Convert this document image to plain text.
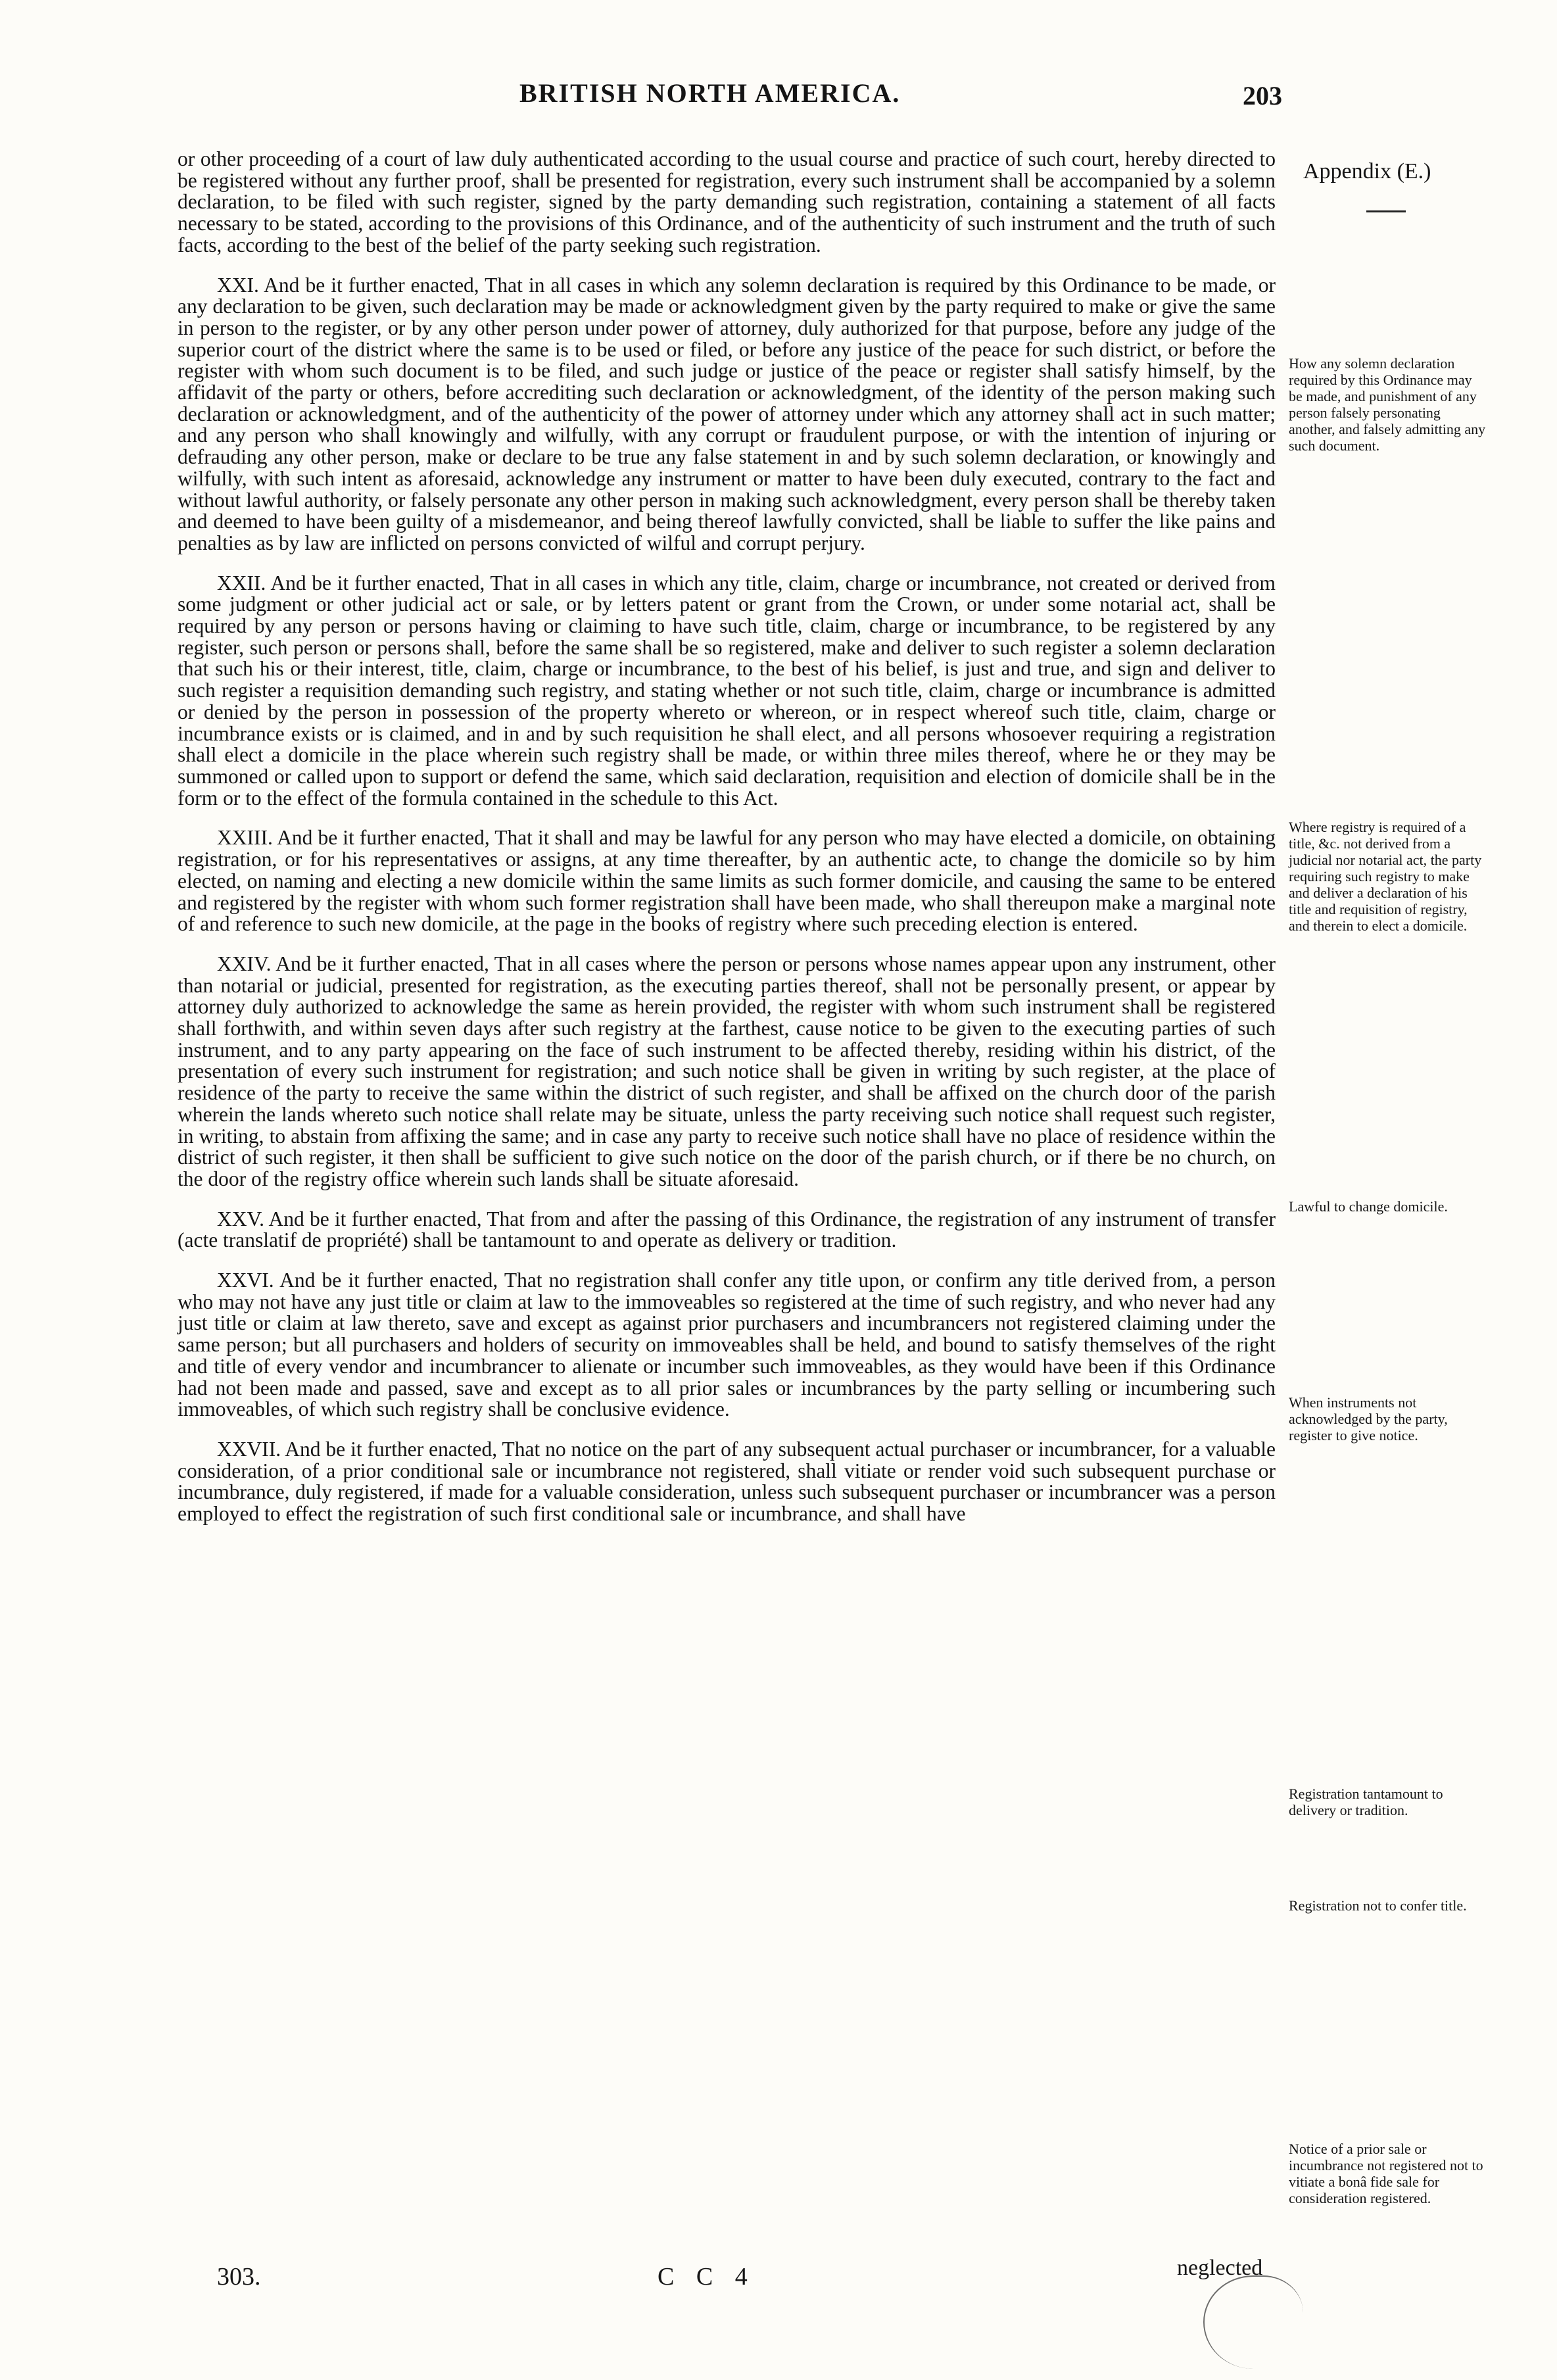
BRITISH NORTH AMERICA.	203
Appendix (E.)

or other proceeding of a court of law duly authenticated according to the usual course and practice of such court, hereby directed to be registered without any further proof, shall be presented for registration, every such instrument shall be accompanied by a solemn declaration, to be filed with such register, signed by the party demanding such registration, containing a statement of all facts necessary to be stated, according to the provisions of this Ordinance, and of the authenticity of such instrument and the truth of such facts, according to the best of the belief of the party seeking such registration.

XXI. And be it further enacted, That in all cases in which any solemn declaration is required by this Ordinance to be made, or any declaration to be given, such declaration may be made or acknowledgment given by the party required to make or give the same in person to the register, or by any other person under power of attorney, duly authorized for that purpose, before any judge of the superior court of the district where the same is to be used or filed, or before any justice of the peace for such district, or before the register with whom such document is to be filed, and such judge or justice of the peace or register shall satisfy himself, by the affidavit of the party or others, before accrediting such declaration or acknowledgment, of the identity of the person making such declaration or acknowledgment, and of the authenticity of the power of attorney under which any attorney shall act in such matter; and any person who shall knowingly and wilfully, with any corrupt or fraudulent purpose, or with the intention of injuring or defrauding any other person, make or declare to be true any false statement in and by such solemn declaration, or knowingly and wilfully, with such intent as aforesaid, acknowledge any instrument or matter to have been duly executed, contrary to the fact and without lawful authority, or falsely personate any other person in making such acknowledgment, every person shall be thereby taken and deemed to have been guilty of a misdemeanor, and being thereof lawfully convicted, shall be liable to suffer the like pains and penalties as by law are inflicted on persons convicted of wilful and corrupt perjury.

XXII. And be it further enacted, That in all cases in which any title, claim, charge or incumbrance, not created or derived from some judgment or other judicial act or sale, or by letters patent or grant from the Crown, or under some notarial act, shall be required by any person or persons having or claiming to have such title, claim, charge or incumbrance, to be registered by any register, such person or persons shall, before the same shall be so registered, make and deliver to such register a solemn declaration that such his or their interest, title, claim, charge or incumbrance, to the best of his belief, is just and true, and sign and deliver to such register a requisition demanding such registry, and stating whether or not such title, claim, charge or incumbrance is admitted or denied by the person in possession of the property whereto or whereon, or in respect whereof such title, claim, charge or incumbrance exists or is claimed, and in and by such requisition he shall elect, and all persons whosoever requiring a registration shall elect a domicile in the place wherein such registry shall be made, or within three miles thereof, where he or they may be summoned or called upon to support or defend the same, which said declaration, requisition and election of domicile shall be in the form or to the effect of the formula contained in the schedule to this Act.

XXIII. And be it further enacted, That it shall and may be lawful for any person who may have elected a domicile, on obtaining registration, or for his representatives or assigns, at any time thereafter, by an authentic acte, to change the domicile so by him elected, on naming and electing a new domicile within the same limits as such former domicile, and causing the same to be entered and registered by the register with whom such former registration shall have been made, who shall thereupon make a marginal note of and reference to such new domicile, at the page in the books of registry where such preceding election is entered.

XXIV. And be it further enacted, That in all cases where the person or persons whose names appear upon any instrument, other than notarial or judicial, presented for registration, as the executing parties thereof, shall not be personally present, or appear by attorney duly authorized to acknowledge the same as herein provided, the register with whom such instrument shall be registered shall forthwith, and within seven days after such registry at the farthest, cause notice to be given to the executing parties of such instrument, and to any party appearing on the face of such instrument to be affected thereby, residing within his district, of the presentation of every such instrument for registration; and such notice shall be given in writing by such register, at the place of residence of the party to receive the same within the district of such register, and shall be affixed on the church door of the parish wherein the lands whereto such notice shall relate may be situate, unless the party receiving such notice shall request such register, in writing, to abstain from affixing the same; and in case any party to receive such notice shall have no place of residence within the district of such register, it then shall be sufficient to give such notice on the door of the parish church, or if there be no church, on the door of the registry office wherein such lands shall be situate aforesaid.

XXV. And be it further enacted, That from and after the passing of this Ordinance, the registration of any instrument of transfer (acte translatif de propriété) shall be tantamount to and operate as delivery or tradition.

XXVI. And be it further enacted, That no registration shall confer any title upon, or confirm any title derived from, a person who may not have any just title or claim at law to the immoveables so registered at the time of such registry, and who never had any just title or claim at law thereto, save and except as against prior purchasers and incumbrancers not registered claiming under the same person; but all purchasers and holders of security on immoveables shall be held, and bound to satisfy themselves of the right and title of every vendor and incumbrancer to alienate or incumber such immoveables, as they would have been if this Ordinance had not been made and passed, save and except as to all prior sales or incumbrances by the party selling or incumbering such immoveables, of which such registry shall be conclusive evidence.

XXVII. And be it further enacted, That no notice on the part of any subsequent actual purchaser or incumbrancer, for a valuable consideration, of a prior conditional sale or incumbrance not registered, shall vitiate or render void such subsequent purchase or incumbrance, duly registered, if made for a valuable consideration, unless such subsequent purchaser or incumbrancer was a person employed to effect the registration of such first conditional sale or incumbrance, and shall have

How any solemn declaration required by this Ordinance may be made, and punishment of any person falsely personating another, and falsely admitting any such document.
Where registry is required of a title, &c. not derived from a judicial nor notarial act, the party requiring such registry to make and deliver a declaration of his title and requisition of registry, and therein to elect a domicile.
Lawful to change domicile.
When instruments not acknowledged by the party, register to give notice.
Registration tantamount to delivery or tradition.
Registration not to confer title.
Notice of a prior sale or incumbrance not registered not to vitiate a bonâ fide sale for consideration registered.
303.	C C 4	neglected
